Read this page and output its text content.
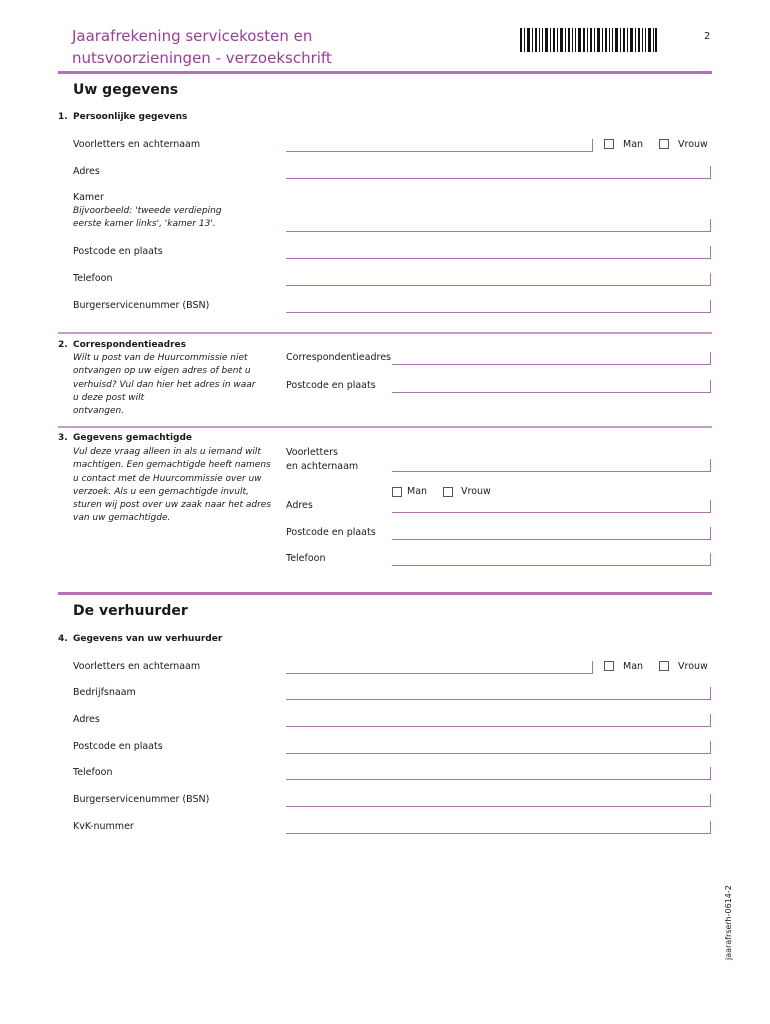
Jaarafrekening servicekosten en
nutsvoorzieningen - verzoekschrift
2
Uw gegevens
1. Persoonlijke gegevens
Voorletters en achternaam	Man	Vrouw
Adres
Kamer
Bijvoorbeeld: 'tweede verdieping
eerste kamer links', 'kamer 13'.
Postcode en plaats
Telefoon
Burgerservicenummer (BSN)
2. Correspondentieadres
Wilt u post van de Huurcommissie niet
ontvangen op uw eigen adres of bent u
verhuisd? Vul dan hier het adres in waar
u deze post wilt
ontvangen.
Correspondentieadres
Postcode en plaats
3. Gegevens gemachtigde
Vul deze vraag alleen in als u iemand wilt
machtigen. Een gemachtigde heeft namens
u contact met de Huurcommissie over uw
verzoek. Als u een gemachtigde invult,
sturen wij post over uw zaak naar het adres
van uw gemachtigde.
Voorletters
en achternaam
Man	Vrouw
Adres
Postcode en plaats
Telefoon
De verhuurder
4. Gegevens van uw verhuurder
Voorletters en achternaam	Man	Vrouw
Bedrijfsnaam
Adres
Postcode en plaats
Telefoon
Burgerservicenummer (BSN)
KvK-nummer
jaarafrserh-0614-2
